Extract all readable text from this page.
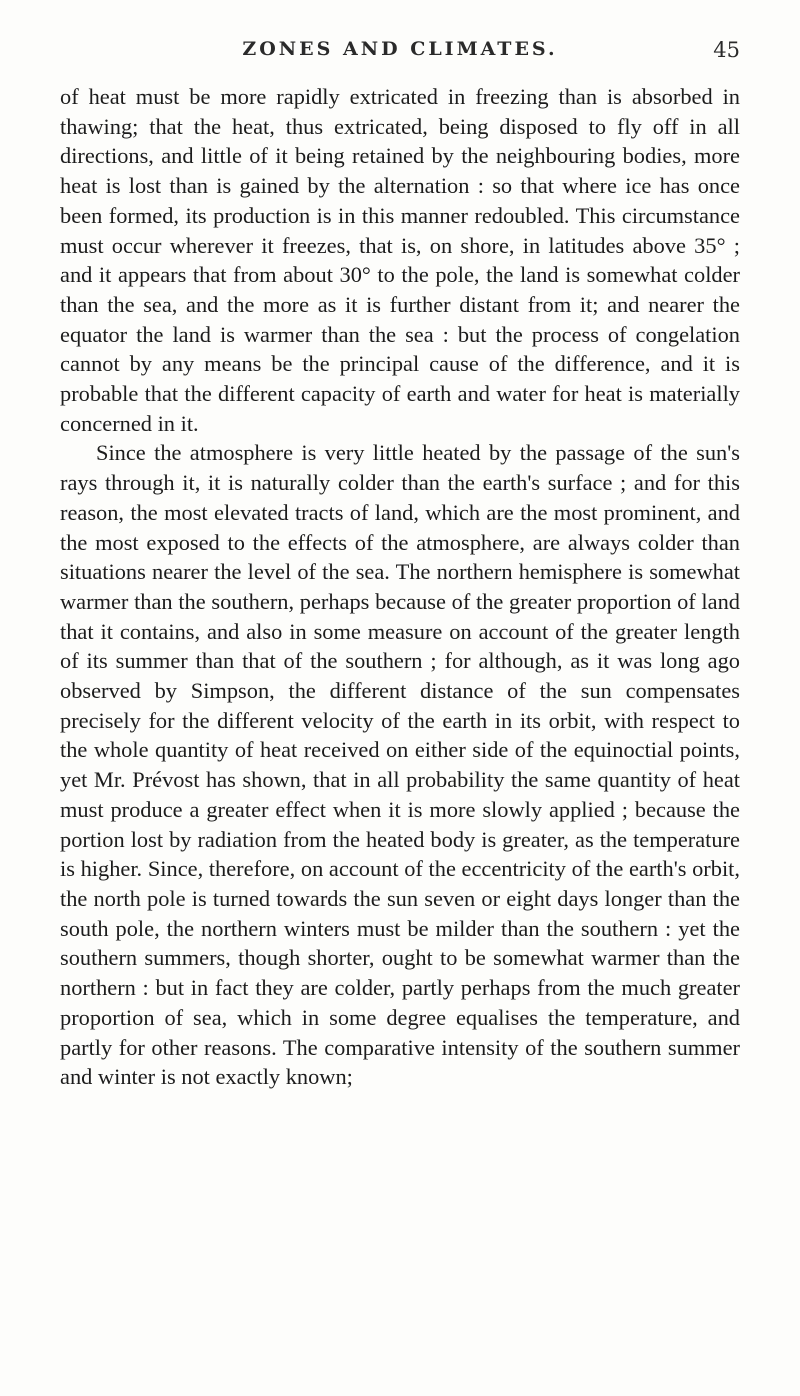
ZONES AND CLIMATES.	45

of heat must be more rapidly extricated in freezing than is absorbed in thawing; that the heat, thus extricated, being disposed to fly off in all directions, and little of it being retained by the neighbouring bodies, more heat is lost than is gained by the alternation : so that where ice has once been formed, its production is in this manner redoubled. This circumstance must occur wherever it freezes, that is, on shore, in latitudes above 35° ; and it appears that from about 30° to the pole, the land is somewhat colder than the sea, and the more as it is further distant from it; and nearer the equator the land is warmer than the sea : but the process of congelation cannot by any means be the principal cause of the difference, and it is probable that the different capacity of earth and water for heat is materially concerned in it.

Since the atmosphere is very little heated by the passage of the sun's rays through it, it is naturally colder than the earth's surface ; and for this reason, the most elevated tracts of land, which are the most prominent, and the most exposed to the effects of the atmosphere, are always colder than situations nearer the level of the sea. The northern hemisphere is somewhat warmer than the southern, perhaps because of the greater proportion of land that it contains, and also in some measure on account of the greater length of its summer than that of the southern ; for although, as it was long ago observed by Simpson, the different distance of the sun compensates precisely for the different velocity of the earth in its orbit, with respect to the whole quantity of heat received on either side of the equinoctial points, yet Mr. Prévost has shown, that in all probability the same quantity of heat must produce a greater effect when it is more slowly applied ; because the portion lost by radiation from the heated body is greater, as the temperature is higher. Since, therefore, on account of the eccentricity of the earth's orbit, the north pole is turned towards the sun seven or eight days longer than the south pole, the northern winters must be milder than the southern : yet the southern summers, though shorter, ought to be somewhat warmer than the northern : but in fact they are colder, partly perhaps from the much greater proportion of sea, which in some degree equalises the temperature, and partly for other reasons. The comparative intensity of the southern summer and winter is not exactly known;
